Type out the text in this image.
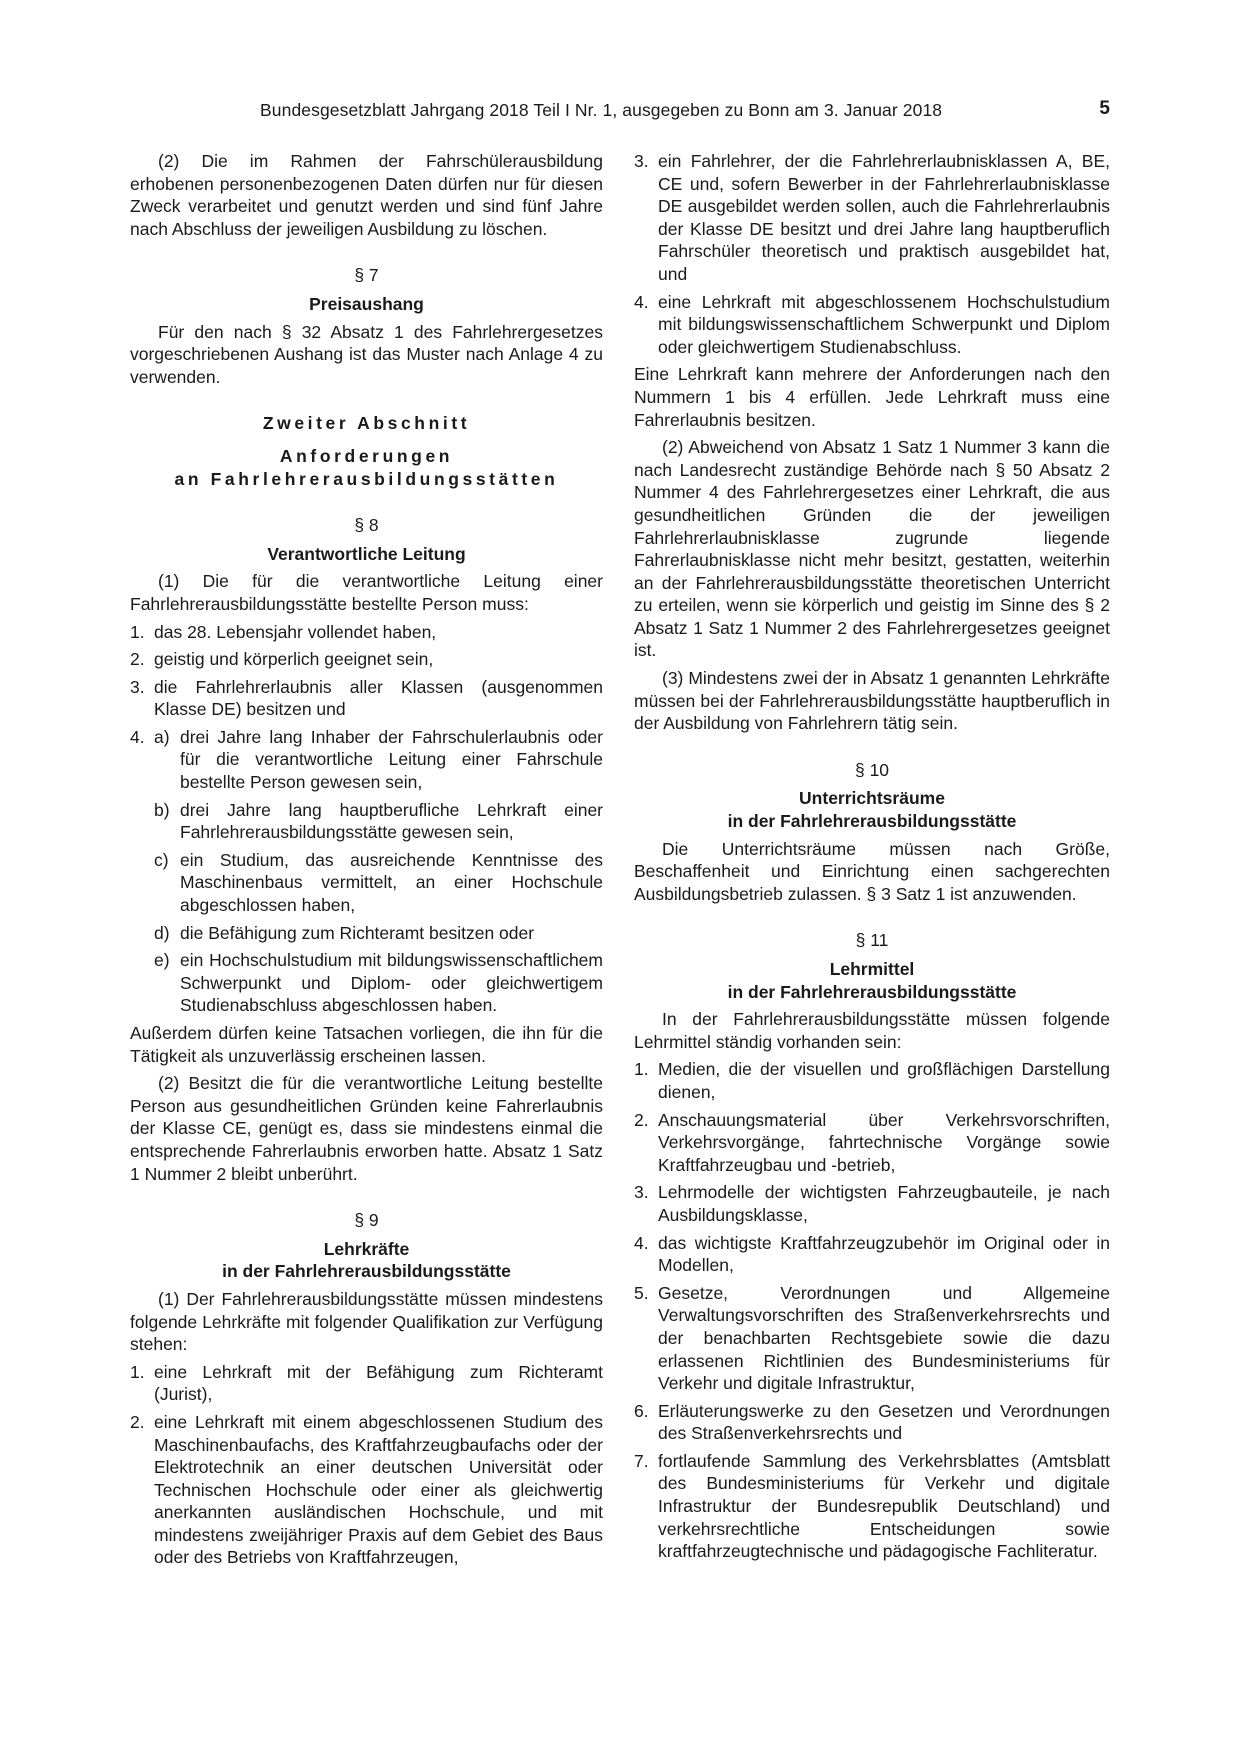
Bundesgesetzblatt Jahrgang 2018 Teil I Nr. 1, ausgegeben zu Bonn am 3. Januar 2018	5

(2) Die im Rahmen der Fahrschülerausbildung erhobenen personenbezogenen Daten dürfen nur für diesen Zweck verarbeitet und genutzt werden und sind fünf Jahre nach Abschluss der jeweiligen Ausbildung zu löschen.

§ 7

Preisaushang

Für den nach § 32 Absatz 1 des Fahrlehrergesetzes vorgeschriebenen Aushang ist das Muster nach Anlage 4 zu verwenden.

Zweiter Abschnitt

Anforderungen

an Fahrlehrerausbildungsstätten

§ 8

Verantwortliche Leitung

(1) Die für die verantwortliche Leitung einer Fahrlehrerausbildungsstätte bestellte Person muss:

1. das 28. Lebensjahr vollendet haben,
2. geistig und körperlich geeignet sein,
3. die Fahrlehrerlaubnis aller Klassen (ausgenommen Klasse DE) besitzen und
4. a) drei Jahre lang Inhaber der Fahrschulerlaubnis oder für die verantwortliche Leitung einer Fahrschule bestellte Person gewesen sein,
b) drei Jahre lang hauptberufliche Lehrkraft einer Fahrlehrerausbildungsstätte gewesen sein,
c) ein Studium, das ausreichende Kenntnisse des Maschinenbaus vermittelt, an einer Hochschule abgeschlossen haben,
d) die Befähigung zum Richteramt besitzen oder
e) ein Hochschulstudium mit bildungswissenschaftlichem Schwerpunkt und Diplom- oder gleichwertigem Studienabschluss abgeschlossen haben.

Außerdem dürfen keine Tatsachen vorliegen, die ihn für die Tätigkeit als unzuverlässig erscheinen lassen.

(2) Besitzt die für die verantwortliche Leitung bestellte Person aus gesundheitlichen Gründen keine Fahrerlaubnis der Klasse CE, genügt es, dass sie mindestens einmal die entsprechende Fahrerlaubnis erworben hatte. Absatz 1 Satz 1 Nummer 2 bleibt unberührt.

§ 9

Lehrkräfte

in der Fahrlehrerausbildungsstätte

(1) Der Fahrlehrerausbildungsstätte müssen mindestens folgende Lehrkräfte mit folgender Qualifikation zur Verfügung stehen:

1. eine Lehrkraft mit der Befähigung zum Richteramt (Jurist),
2. eine Lehrkraft mit einem abgeschlossenen Studium des Maschinenbaufachs, des Kraftfahrzeugbaufachs oder der Elektrotechnik an einer deutschen Universität oder Technischen Hochschule oder einer als gleichwertig anerkannten ausländischen Hochschule, und mit mindestens zweijähriger Praxis auf dem Gebiet des Baus oder des Betriebs von Kraftfahrzeugen,
3. ein Fahrlehrer, der die Fahrlehrerlaubnisklassen A, BE, CE und, sofern Bewerber in der Fahrlehrerlaubnisklasse DE ausgebildet werden sollen, auch die Fahrlehrerlaubnis der Klasse DE besitzt und drei Jahre lang hauptberuflich Fahrschüler theoretisch und praktisch ausgebildet hat, und
4. eine Lehrkraft mit abgeschlossenem Hochschulstudium mit bildungswissenschaftlichem Schwerpunkt und Diplom oder gleichwertigem Studienabschluss.

Eine Lehrkraft kann mehrere der Anforderungen nach den Nummern 1 bis 4 erfüllen. Jede Lehrkraft muss eine Fahrerlaubnis besitzen.

(2) Abweichend von Absatz 1 Satz 1 Nummer 3 kann die nach Landesrecht zuständige Behörde nach § 50 Absatz 2 Nummer 4 des Fahrlehrergesetzes einer Lehrkraft, die aus gesundheitlichen Gründen die der jeweiligen Fahrlehrerlaubnisklasse zugrunde liegende Fahrerlaubnisklasse nicht mehr besitzt, gestatten, weiterhin an der Fahrlehrerausbildungsstätte theoretischen Unterricht zu erteilen, wenn sie körperlich und geistig im Sinne des § 2 Absatz 1 Satz 1 Nummer 2 des Fahrlehrergesetzes geeignet ist.

(3) Mindestens zwei der in Absatz 1 genannten Lehrkräfte müssen bei der Fahrlehrerausbildungsstätte hauptberuflich in der Ausbildung von Fahrlehrern tätig sein.

§ 10

Unterrichtsräume

in der Fahrlehrerausbildungsstätte

Die Unterrichtsräume müssen nach Größe, Beschaffenheit und Einrichtung einen sachgerechten Ausbildungsbetrieb zulassen. § 3 Satz 1 ist anzuwenden.

§ 11

Lehrmittel

in der Fahrlehrerausbildungsstätte

In der Fahrlehrerausbildungsstätte müssen folgende Lehrmittel ständig vorhanden sein:

1. Medien, die der visuellen und großflächigen Darstellung dienen,
2. Anschauungsmaterial über Verkehrsvorschriften, Verkehrsvorgänge, fahrtechnische Vorgänge sowie Kraftfahrzeugbau und -betrieb,
3. Lehrmodelle der wichtigsten Fahrzeugbauteile, je nach Ausbildungsklasse,
4. das wichtigste Kraftfahrzeugzubehör im Original oder in Modellen,
5. Gesetze, Verordnungen und Allgemeine Verwaltungsvorschriften des Straßenverkehrsrechts und der benachbarten Rechtsgebiete sowie die dazu erlassenen Richtlinien des Bundesministeriums für Verkehr und digitale Infrastruktur,
6. Erläuterungswerke zu den Gesetzen und Verordnungen des Straßenverkehrsrechts und
7. fortlaufende Sammlung des Verkehrsblattes (Amtsblatt des Bundesministeriums für Verkehr und digitale Infrastruktur der Bundesrepublik Deutschland) und verkehrsrechtliche Entscheidungen sowie kraftfahrzeugtechnische und pädagogische Fachliteratur.
